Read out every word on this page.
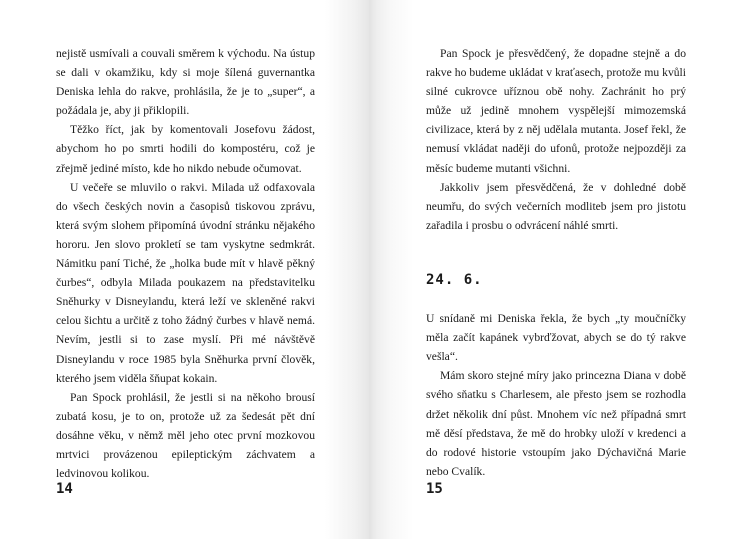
nejistě usmívali a couvali směrem k východu. Na ústup se dali v okamžiku, kdy si moje šílená guvernantka Deniska lehla do rakve, prohlásila, že je to „super“, a požádala je, aby ji přiklopili.

Těžko říct, jak by komentovali Josefovu žádost, abychom ho po smrti hodili do kompostéru, což je zřejmě jediné místo, kde ho nikdo nebude očumovat.

U večeře se mluvilo o rakvi. Milada už odfaxovala do všech českých novin a časopisů tiskovou zprávu, která svým slohem připomíná úvodní stránku nějakého hororu. Jen slovo prokletí se tam vyskytne sedmkrát. Námitku paní Tiché, že „holka bude mít v hlavě pěkný čurbes“, odbyla Milada poukazem na představitelku Sněhurky v Disneylandu, která leží ve skleněné rakvi celou šichtu a určitě z toho žádný čurbes v hlavě nemá. Nevím, jestli si to zase myslí. Při mé návštěvě Disneylandu v roce 1985 byla Sněhurka první člověk, kterého jsem viděla šňupat kokain.

Pan Spock prohlásil, že jestli si na někoho brousí zubatá kosu, je to on, protože už za šedesát pět dní dosáhne věku, v němž měl jeho otec první mozkovou mrtvici provázenou epileptickým záchvatem a ledvinovou kolikou.

14

Pan Spock je přesvědčený, že dopadne stejně a do rakve ho budeme ukládat v kraťasech, protože mu kvůli silné cukrovce uříznou obě nohy. Zachránit ho prý může už jedině mnohem vyspělejší mimozemská civilizace, která by z něj udělala mutanta. Josef řekl, že nemusí vkládat naději do ufonů, protože nejpozději za měsíc budeme mutanti všichni.

Jakkoliv jsem přesvědčená, že v dohledné době neumřu, do svých večerních modliteb jsem pro jistotu zařadila i prosbu o odvrácení náhlé smrti.

24. 6.

U snídaně mi Deniska řekla, že bych „ty moučníčky měla začít kapánek vybrďžovat, abych se do tý rakve vešla“.

Mám skoro stejné míry jako princezna Diana v době svého sňatku s Charlesem, ale přesto jsem se rozhodla držet několik dní půst. Mnohem víc než případná smrt mě děsí představa, že mě do hrobky uloží v kredenci a do rodové historie vstoupím jako Dýchavičná Marie nebo Cvalík.

15
